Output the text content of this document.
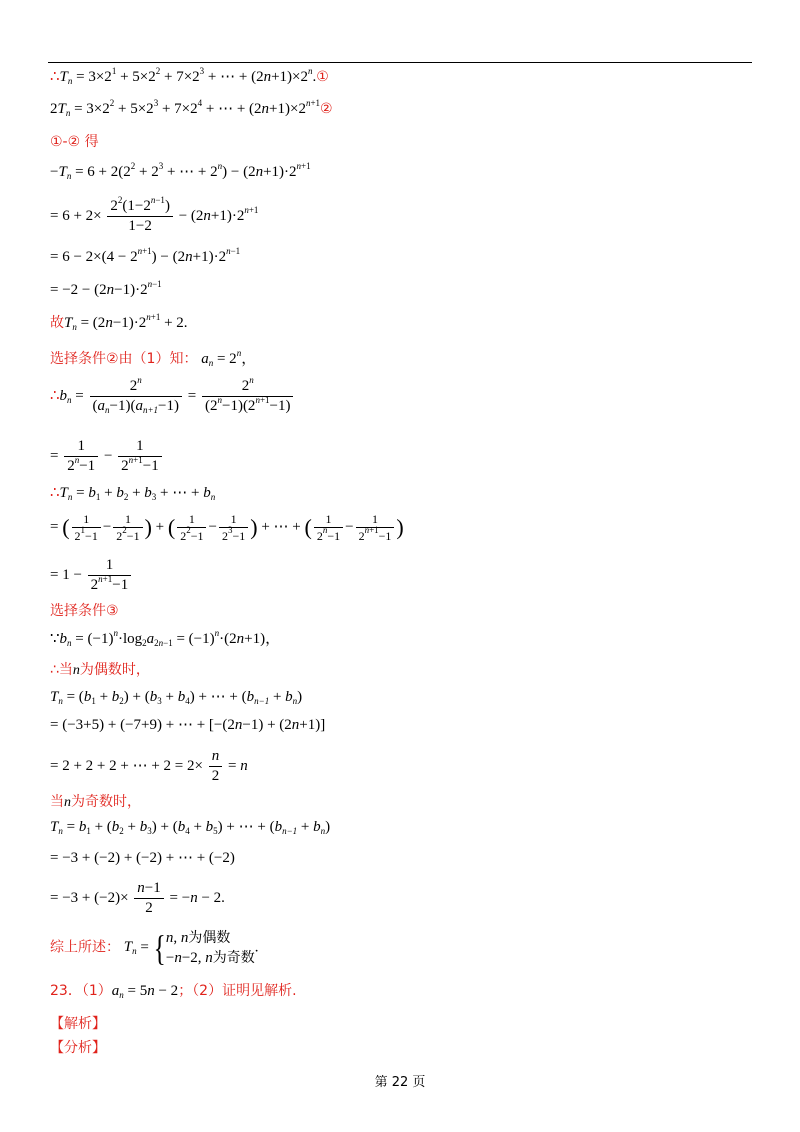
$\therefore T_n = 3\times 2^1 + 5\times 2^2 + 7\times 2^3$ + ⋯ + $(2n+1)\times 2^n.①$
$2T_n = 3\times 2^2 + 5\times 2^3 + 7\times 2^4$ + ⋯ + $(2n+1)\times 2^{n+1}②$
①-② 得
$-T_n = 6 + 2(2^2 + 2^3$ + ⋯ + $2^n) - (2n+1)\cdot 2^{n+1}$
= $6 + 2\times \frac{2^2(1-2^{n-1})}{1-2} - (2n+1)\cdot 2^{n+1}$
= $6 - 2\times(4 - 2^{n+1}) - (2n+1)\cdot 2^{n-1}$
= $-2 - (2n-1)\cdot 2^{n-1}$
故$T_n = (2n-1)\cdot 2^{n+1} + 2$.
选择条件②由（1）知： $a_n = 2^n$，
$\therefore b_n = \frac{2^n}{(a_n-1)(a_{n+1}-1)} = \frac{2^n}{(2^n-1)(2^{n+1}-1)}$
= $\frac{1}{2^n-1} - \frac{1}{2^{n+1}-1}$
$\therefore T_n = b_1 + b_2 + b_3$ + ⋯ + $b_n$
= ( $\frac{1}{2^1-1} - \frac{1}{2^2-1}$ ) + ( $\frac{1}{2^2-1} - \frac{1}{2^3-1}$ ) + ⋯ + ( $\frac{1}{2^n-1} - \frac{1}{2^{n+1}-1}$ )
= $1 - \frac{1}{2^{n+1}-1}$
选择条件③
$\because b_n = (-1)^n\cdot\log_2a_{2n-1} = (-1)^n\cdot(2n+1)$，
∴当n为偶数时，
$T_n = (b_1 + b_2) + (b_3 + b_4)$ + ⋯ + $(b_{n-1} + b_n)$
= (−3+5) + (−7+9) + ⋯ + [−(2n−1) + (2n+1)]
= 2 + 2 + 2 + ⋯ + $2 = 2\times \frac{n}{2} = n$
当n为奇数时，
$T_n = b_1 + (b_2 + b_3) + (b_4 + b_5)$ + ⋯ + $(b_{n-1} + b_n)$
= −3 + (−2) + (−2) + ⋯ + (−2)
= $-3 + (-2)\times \frac{n-1}{2} = -n - 2$.
综上所述： $T_n$ = { n, n为偶数
−n−2, n为奇数
.
23．$(1)a_n = 5n - 2$；（2）证明见解析.
【解析】
【分析】
第 22 页
